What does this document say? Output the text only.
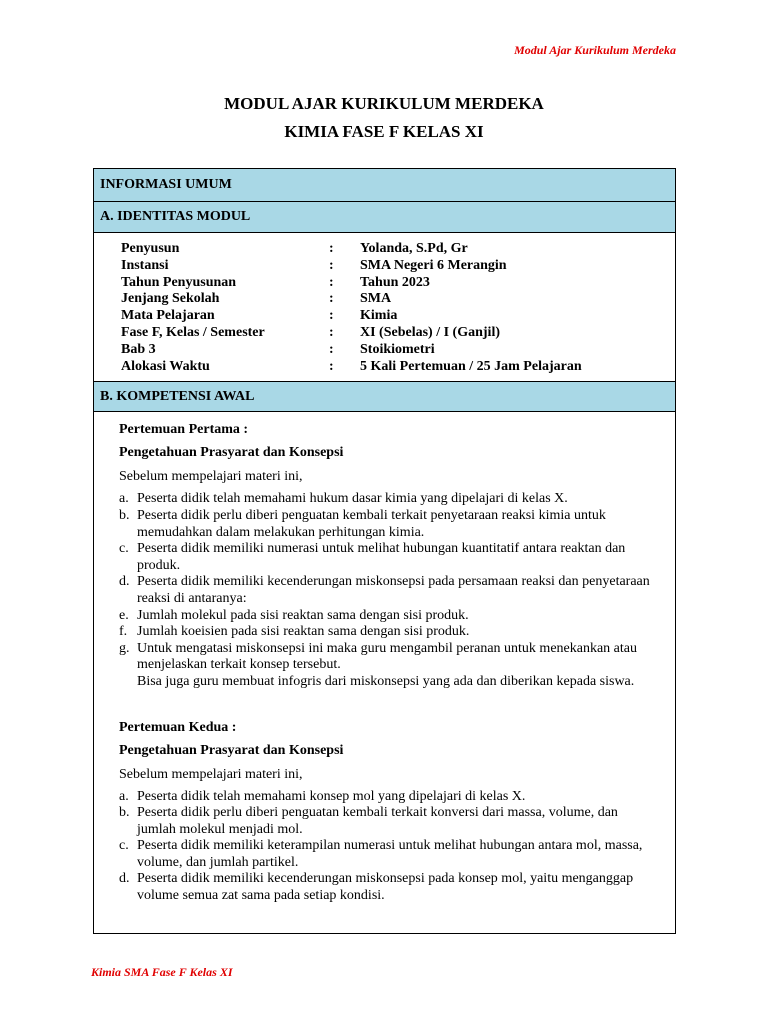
Modul Ajar Kurikulum Merdeka
MODUL AJAR KURIKULUM MERDEKA
KIMIA FASE F KELAS XI
INFORMASI UMUM
A. IDENTITAS MODUL
Penyusun	:	Yolanda, S.Pd, Gr
Instansi	:	SMA Negeri 6 Merangin
Tahun Penyusunan	:	Tahun 2023
Jenjang Sekolah	:	SMA
Mata Pelajaran	:	Kimia
Fase F, Kelas / Semester	:	XI (Sebelas) / I (Ganjil)
Bab 3	:	Stoikiometri
Alokasi Waktu	:	5 Kali Pertemuan / 25 Jam Pelajaran
B. KOMPETENSI AWAL
Pertemuan Pertama :
Pengetahuan Prasyarat dan Konsepsi
Sebelum mempelajari materi ini,
a. Peserta didik telah memahami hukum dasar kimia yang dipelajari di kelas X.
b. Peserta didik perlu diberi penguatan kembali terkait penyetaraan reaksi kimia untuk memudahkan dalam melakukan perhitungan kimia.
c. Peserta didik memiliki numerasi untuk melihat hubungan kuantitatif antara reaktan dan produk.
d. Peserta didik memiliki kecenderungan miskonsepsi pada persamaan reaksi dan penyetaraan reaksi di antaranya:
e. Jumlah molekul pada sisi reaktan sama dengan sisi produk.
f. Jumlah koeisien pada sisi reaktan sama dengan sisi produk.
g. Untuk mengatasi miskonsepsi ini maka guru mengambil peranan untuk menekankan atau menjelaskan terkait konsep tersebut.
Bisa juga guru membuat infogris dari miskonsepsi yang ada dan diberikan kepada siswa.
Pertemuan Kedua :
Pengetahuan Prasyarat dan Konsepsi
Sebelum mempelajari materi ini,
a. Peserta didik telah memahami konsep mol yang dipelajari di kelas X.
b. Peserta didik perlu diberi penguatan kembali terkait konversi dari massa, volume, dan jumlah molekul menjadi mol.
c. Peserta didik memiliki keterampilan numerasi untuk melihat hubungan antara mol, massa, volume, dan jumlah partikel.
d. Peserta didik memiliki kecenderungan miskonsepsi pada konsep mol, yaitu menganggap volume semua zat sama pada setiap kondisi.
Kimia SMA Fase F Kelas XI
